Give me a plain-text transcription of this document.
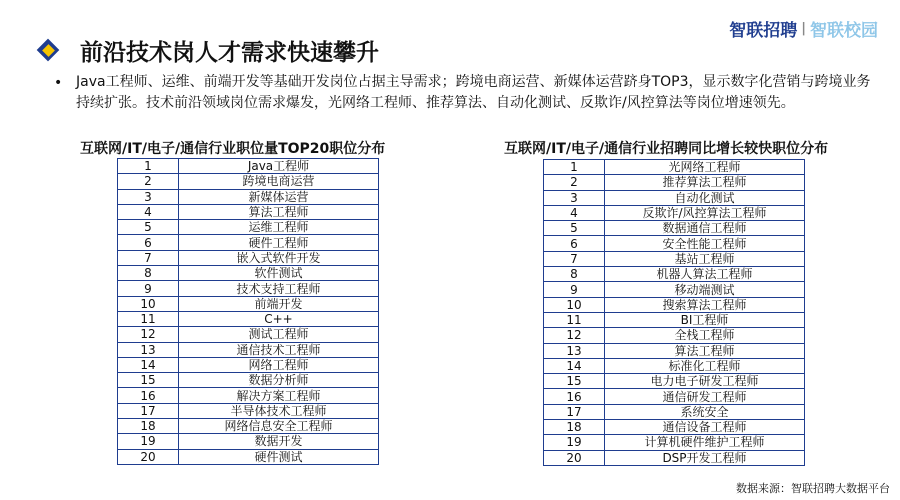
前沿技术岗人才需求快速攀升
智联招聘 | 智联校园
• Java工程师、运维、前端开发等基础开发岗位占据主导需求；跨境电商运营、新媒体运营跻身TOP3，显示数字化营销与跨境业务持续扩张。技术前沿领域岗位需求爆发，光网络工程师、推荐算法、自动化测试、反欺诈/风控算法等岗位增速领先。
互联网/IT/电子/通信行业职位量TOP20职位分布
1	Java工程师
2	跨境电商运营
3	新媒体运营
4	算法工程师
5	运维工程师
6	硬件工程师
7	嵌入式软件开发
8	软件测试
9	技术支持工程师
10	前端开发
11	C++
12	测试工程师
13	通信技术工程师
14	网络工程师
15	数据分析师
16	解决方案工程师
17	半导体技术工程师
18	网络信息安全工程师
19	数据开发
20	硬件测试
互联网/IT/电子/通信行业招聘同比增长较快职位分布
1	光网络工程师
2	推荐算法工程师
3	自动化测试
4	反欺诈/风控算法工程师
5	数据通信工程师
6	安全性能工程师
7	基站工程师
8	机器人算法工程师
9	移动端测试
10	搜索算法工程师
11	BI工程师
12	全栈工程师
13	算法工程师
14	标准化工程师
15	电力电子研发工程师
16	通信研发工程师
17	系统安全
18	通信设备工程师
19	计算机硬件维护工程师
20	DSP开发工程师
数据来源：智联招聘大数据平台
